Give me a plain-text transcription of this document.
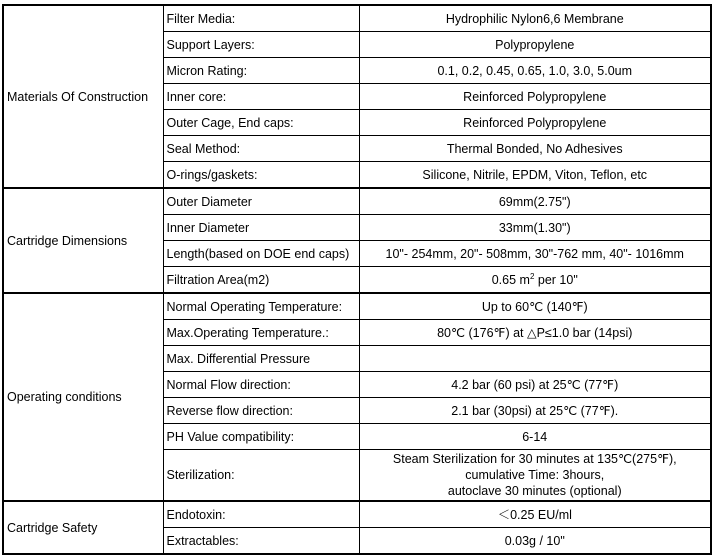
Materials Of Construction	Filter Media:	Hydrophilic Nylon6,6 Membrane
	Support Layers:	Polypropylene
	Micron Rating:	0.1, 0.2, 0.45, 0.65, 1.0, 3.0, 5.0um
	Inner core:	Reinforced Polypropylene
	Outer Cage, End caps:	Reinforced Polypropylene
	Seal Method:	Thermal Bonded, No Adhesives
	O-rings/gaskets:	Silicone, Nitrile, EPDM, Viton, Teflon, etc
Cartridge Dimensions	Outer Diameter	69mm(2.75")
	Inner Diameter	33mm(1.30")
	Length(based on DOE end caps)	10"- 254mm, 20"- 508mm, 30"-762 mm, 40"- 1016mm
	Filtration Area(m2)	0.65 $m^2$ per 10"
Operating conditions	Normal Operating Temperature:	Up to 60℃ (140℉)
	Max.Operating Temperature.:	80℃ (176℉) at △P≤1.0 bar (14psi)
	Max. Differential Pressure	
	Normal Flow direction:	4.2 bar (60 psi) at 25℃ (77℉)
	Reverse flow direction:	2.1 bar (30psi) at 25℃ (77℉).
	PH Value compatibility:	6-14
	Sterilization:	Steam Sterilization for 30 minutes at 135℃(275℉),
cumulative Time: 3hours,
autoclave 30 minutes (optional)

Cartridge Safety	Endotoxin:	＜0.25 EU/ml
	Extractables:	0.03g / 10"
